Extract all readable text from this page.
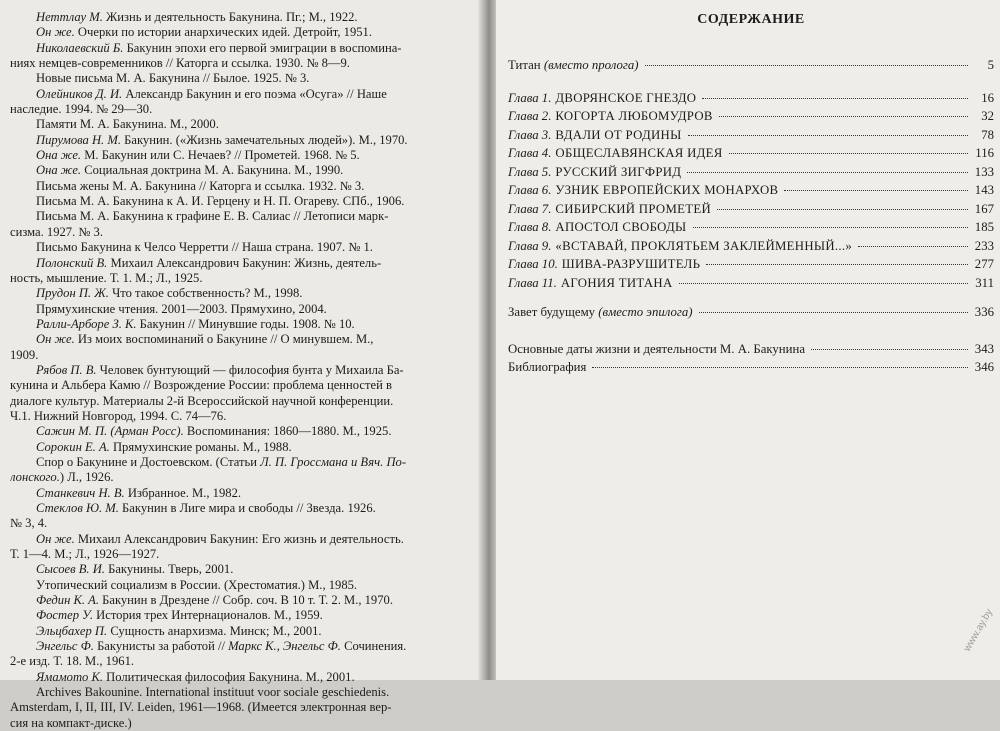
Неттлау М. Жизнь и деятельность Бакунина. Пг.; М., 1922.

Он же. Очерки по истории анархических идей. Детройт, 1951.

Николаевский Б. Бакунин эпохи его первой эмиграции в воспомина-

ниях немцев-современников // Каторга и ссылка. 1930. № 8—9.

Новые письма М. А. Бакунина // Былое. 1925. № 3.

Олейников Д. И. Александр Бакунин и его поэма «Осуга» // Наше

наследие. 1994. № 29—30.

Памяти М. А. Бакунина. М., 2000.

Пирумова Н. М. Бакунин. («Жизнь замечательных людей»). М., 1970.

Она же. М. Бакунин или С. Нечаев? // Прометей. 1968. № 5.

Она же. Социальная доктрина М. А. Бакунина. М., 1990.

Письма жены М. А. Бакунина // Каторга и ссылка. 1932. № 3.

Письма М. А. Бакунина к А. И. Герцену и Н. П. Огареву. СПб., 1906.

Письма М. А. Бакунина к графине Е. В. Салиас // Летописи марк-

сизма. 1927. № 3.

Письмо Бакунина к Челсо Черретти // Наша страна. 1907. № 1.

Полонский В. Михаил Александрович Бакунин: Жизнь, деятель-

ность, мышление. Т. 1. М.; Л., 1925.

Прудон П. Ж. Что такое собственность? М., 1998.

Прямухинские чтения. 2001—2003. Прямухино, 2004.

Ралли-Арборе З. К. Бакунин // Минувшие годы. 1908. № 10.

Он же. Из моих воспоминаний о Бакунине // О минувшем. М.,

1909.

Рябов П. В. Человек бунтующий — философия бунта у Михаила Ба-

кунина и Альбера Камю // Возрождение России: проблема ценностей в

диалоге культур. Материалы 2-й Всероссийской научной конференции.

Ч.1. Нижний Новгород, 1994. С. 74—76.

Сажин М. П. (Арман Росс). Воспоминания: 1860—1880. М., 1925.

Сорокин Е. А. Прямухинские романы. М., 1988.

Спор о Бакунине и Достоевском. (Статьи Л. П. Гроссмана и Вяч. По-

лонского.) Л., 1926.

Станкевич Н. В. Избранное. М., 1982.

Стеклов Ю. М. Бакунин в Лиге мира и свободы // Звезда. 1926.

№ 3, 4.

Он же. Михаил Александрович Бакунин: Его жизнь и деятельность.

Т. 1—4. М.; Л., 1926—1927.

Сысоев В. И. Бакунины. Тверь, 2001.

Утопический социализм в России. (Хрестоматия.) М., 1985.

Федин К. А. Бакунин в Дрездене // Собр. соч. В 10 т. Т. 2. М., 1970.

Фостер У. История трех Интернационалов. М., 1959.

Эльцбахер П. Сущность анархизма. Минск; М., 2001.

Энгельс Ф. Бакунисты за работой // Маркс К., Энгельс Ф. Сочинения.

2-е изд. Т. 18. М., 1961.

Ямамото К. Политическая философия Бакунина. М., 2001.

Archives Bakounine. International instituut voor sociale geschiedenis.

Amsterdam, I, II, III, IV. Leiden, 1961—1968. (Имеется электронная вер-

сия на компакт-диске.)

СОДЕРЖАНИЕ
Титан (вместо пролога)	5
Глава 1. ДВОРЯНСКОЕ ГНЕЗДО	16
Глава 2. КОГОРТА ЛЮБОМУДРОВ	32
Глава 3. ВДАЛИ ОТ РОДИНЫ	78
Глава 4. ОБЩЕСЛАВЯНСКАЯ ИДЕЯ	116
Глава 5. РУССКИЙ ЗИГФРИД	133
Глава 6. УЗНИК ЕВРОПЕЙСКИХ МОНАРХОВ	143
Глава 7. СИБИРСКИЙ ПРОМЕТЕЙ	167
Глава 8. АПОСТОЛ СВОБОДЫ	185
Глава 9. «ВСТАВАЙ, ПРОКЛЯТЬЕМ ЗАКЛЕЙМЕННЫЙ...»	233
Глава 10. ШИВА-РАЗРУШИТЕЛЬ	277
Глава 11. АГОНИЯ ТИТАНА	311
Завет будущему (вместо эпилога)	336
Основные даты жизни и деятельности М. А. Бакунина	343
Библиография	346
www.ay.by
